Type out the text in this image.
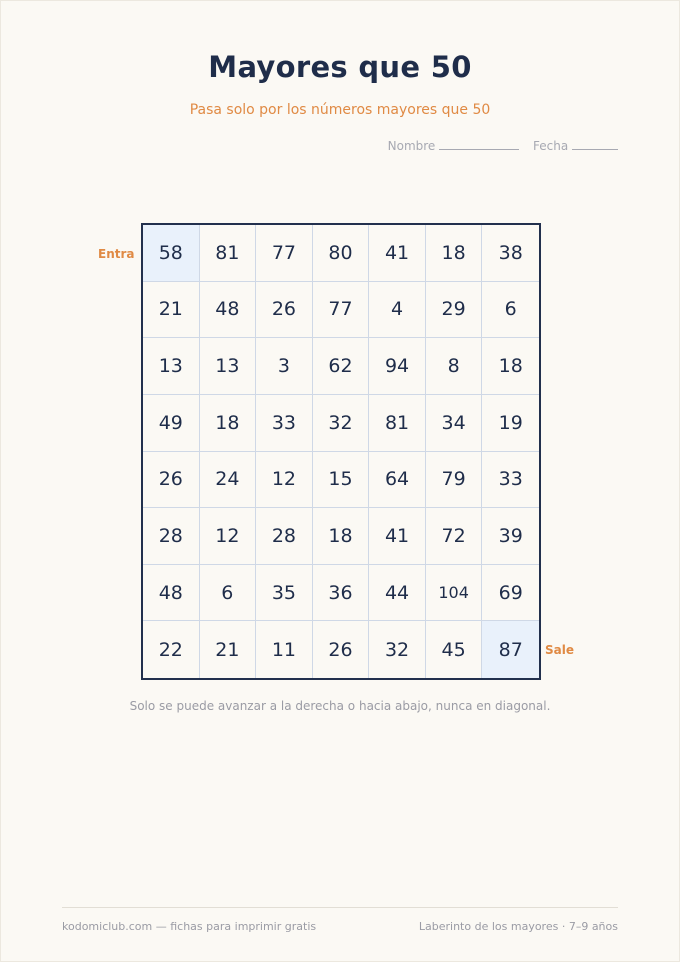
Mayores que 50
Pasa solo por los números mayores que 50
Nombre	Fecha
Entra	58	81	77	80	41	18	38
21	48	26	77	4	29	6
13	13	3	62	94	8	18
49	18	33	32	81	34	19
26	24	12	15	64	79	33
28	12	28	18	41	72	39
48	6	35	36	44	104	69
22	21	11	26	32	45	87	Sale
Solo se puede avanzar a la derecha o hacia abajo, nunca en diagonal.
kodomiclub.com — fichas para imprimir gratis	Laberinto de los mayores · 7–9 años
